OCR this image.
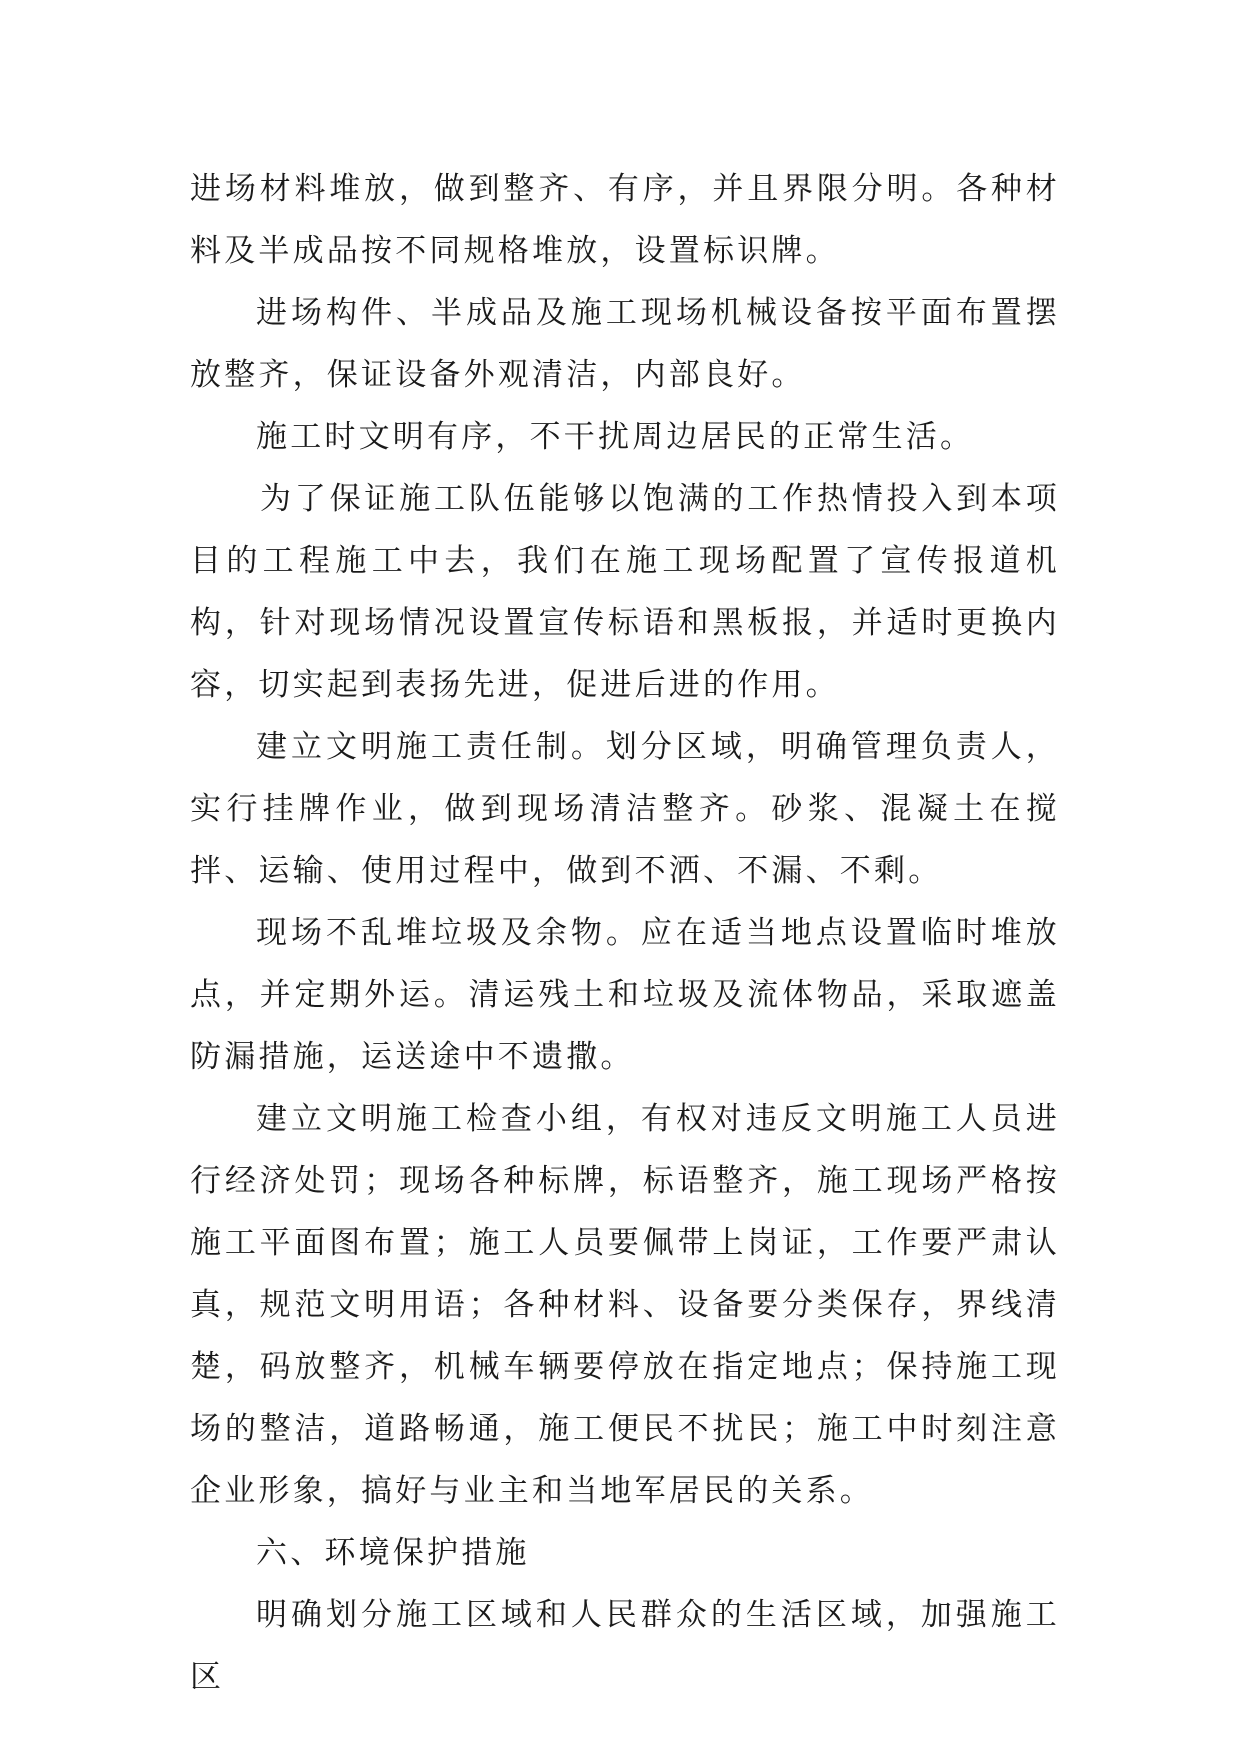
进场材料堆放，做到整齐、有序，并且界限分明。各种材料及半成品按不同规格堆放，设置标识牌。

进场构件、半成品及施工现场机械设备按平面布置摆放整齐，保证设备外观清洁，内部良好。

施工时文明有序，不干扰周边居民的正常生活。

为了保证施工队伍能够以饱满的工作热情投入到本项目的工程施工中去，我们在施工现场配置了宣传报道机构，针对现场情况设置宣传标语和黑板报，并适时更换内容，切实起到表扬先进，促进后进的作用。

建立文明施工责任制。划分区域，明确管理负责人，实行挂牌作业，做到现场清洁整齐。砂浆、混凝土在搅拌、运输、使用过程中，做到不洒、不漏、不剩。

现场不乱堆垃圾及余物。应在适当地点设置临时堆放点，并定期外运。清运残土和垃圾及流体物品，采取遮盖防漏措施，运送途中不遗撒。

建立文明施工检查小组，有权对违反文明施工人员进行经济处罚；现场各种标牌，标语整齐，施工现场严格按施工平面图布置；施工人员要佩带上岗证，工作要严肃认真，规范文明用语；各种材料、设备要分类保存，界线清楚，码放整齐，机械车辆要停放在指定地点；保持施工现场的整洁，道路畅通，施工便民不扰民；施工中时刻注意企业形象，搞好与业主和当地军居民的关系。

六、环境保护措施

明确划分施工区域和人民群众的生活区域，加强施工区
